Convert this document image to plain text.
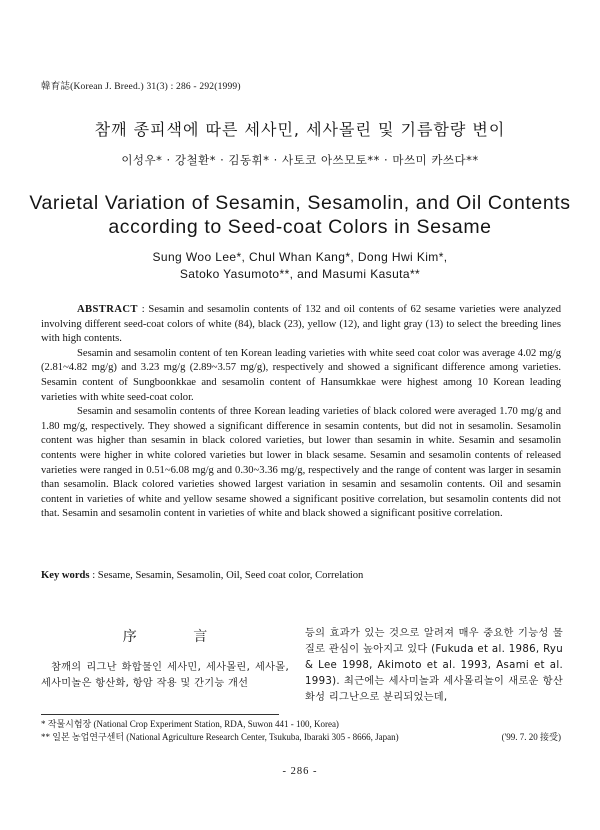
韓育誌(Korean J. Breed.) 31(3) : 286 - 292(1999)
참깨 종피색에 따른 세사민, 세사몰린 및 기름함량 변이
이성우* · 강철환* · 김동휘* · 사토코 아쓰모토** · 마쓰미 카쓰다**
Varietal Variation of Sesamin, Sesamolin, and Oil Contents
according to Seed-coat Colors in Sesame
Sung Woo Lee*, Chul Whan Kang*, Dong Hwi Kim*,
Satoko Yasumoto**, and Masumi Kasuta**

ABSTRACT : Sesamin and sesamolin contents of 132 and oil contents of 62 sesame varieties were analyzed involving different seed-coat colors of white (84), black (23), yellow (12), and light gray (13) to select the breeding lines with high contents.

Sesamin and sesamolin content of ten Korean leading varieties with white seed coat color was average 4.02 mg/g (2.81~4.82 mg/g) and 3.23 mg/g (2.89~3.57 mg/g), respectively and showed a significant difference among varieties. Sesamin content of Sungboonkkae and sesamolin content of Hansumkkae were highest among 10 Korean leading varieties with white seed-coat color.

Sesamin and sesamolin contents of three Korean leading varieties of black colored were averaged 1.70 mg/g and 1.80 mg/g, respectively. They showed a significant difference in sesamin contents, but did not in sesamolin. Sesamolin content was higher than sesamin in black colored varieties, but lower than sesamin in white. Sesamin and sesamolin contents were higher in white colored varieties but lower in black sesame. Sesamin and sesamolin contents of released varieties were ranged in 0.51~6.08 mg/g and 0.30~3.36 mg/g, respectively and the range of content was larger in sesamin than sesamolin. Black colored varieties showed largest variation in sesamin and sesamolin contents. Oil and sesamin content in varieties of white and yellow sesame showed a significant positive correlation, but sesamolin contents did not that. Sesamin and sesamolin content in varieties of white and black showed a significant positive correlation.

Key words : Sesame, Sesamin, Sesamolin, Oil, Seed coat color, Correlation
序 言
참깨의 리그난 화합물인 세사민, 세사몰린, 세사몰, 세사미놀은 항산화, 항암 작용 및 간기능 개선
등의 효과가 있는 것으로 알려져 매우 중요한 기능성 물질로 관심이 높아지고 있다 (Fukuda et al. 1986, Ryu & Lee 1998, Akimoto et al. 1993, Asami et al. 1993). 최근에는 세사미놀과 세사몰리놀이 새로운 항산화성 리그난으로 분리되었는데,
* 작물시험장 (National Crop Experiment Station, RDA, Suwon 441 - 100, Korea)
** 일본 농업연구센터 (National Agriculture Research Center, Tsukuba, Ibaraki 305 - 8666, Japan)	('99. 7. 20 接受)
- 286 -
